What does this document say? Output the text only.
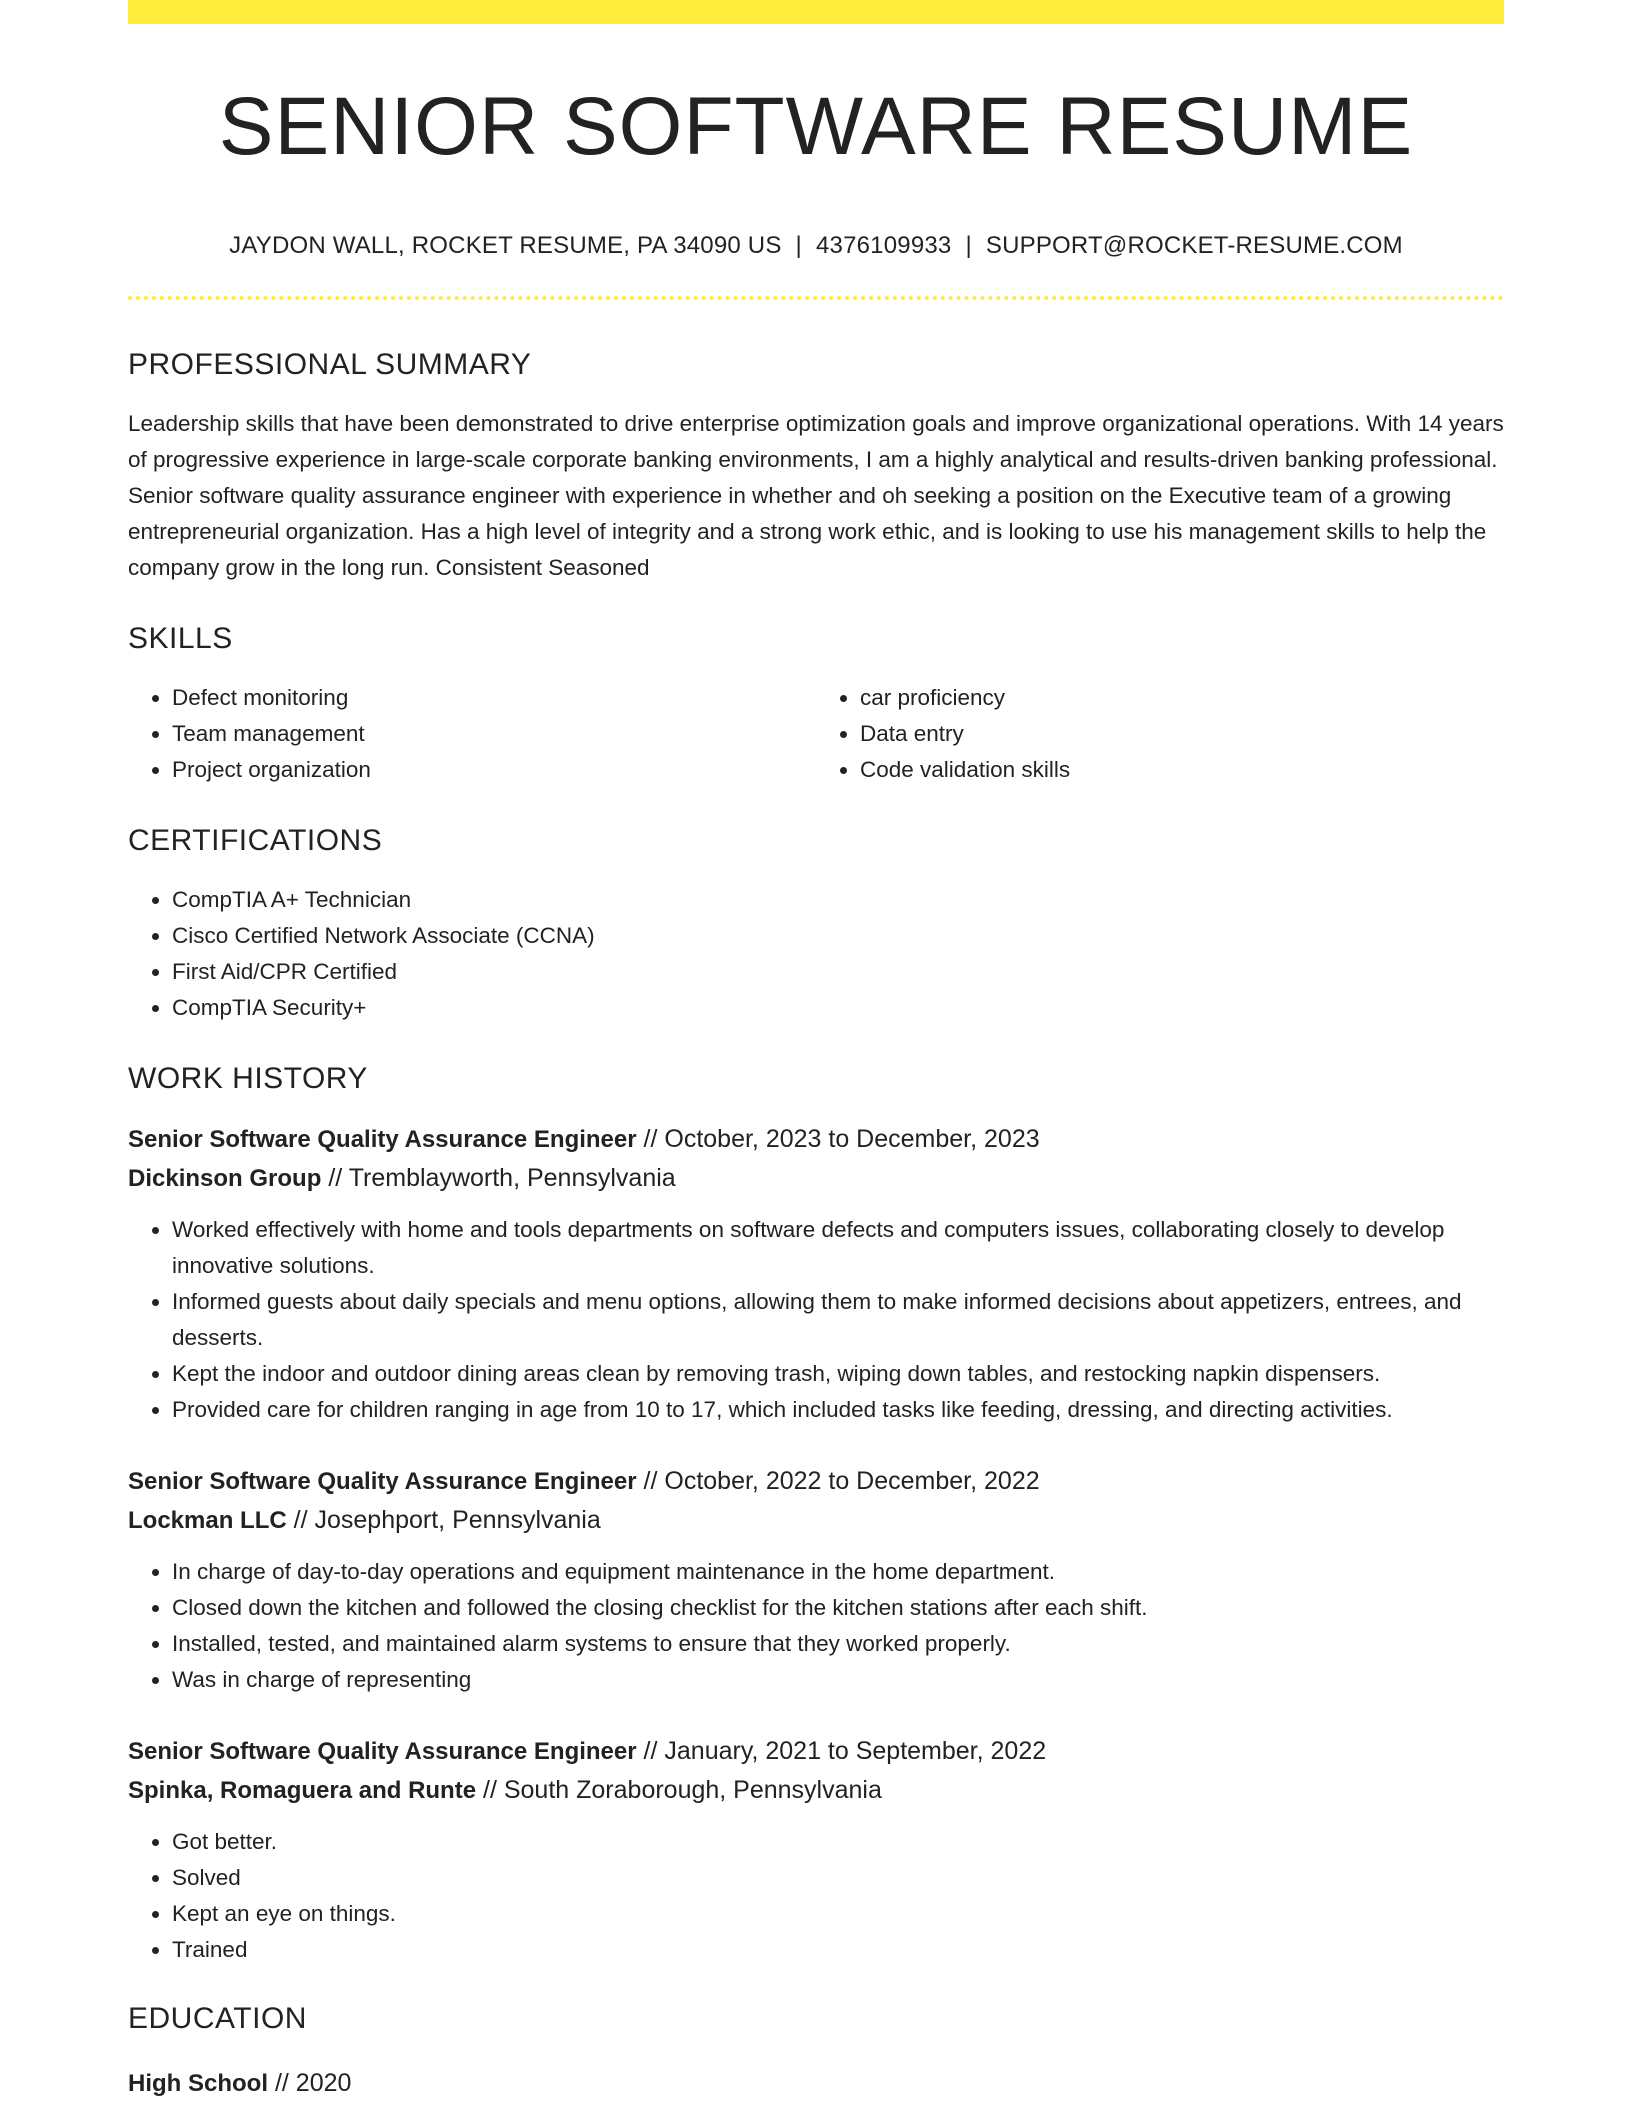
SENIOR SOFTWARE RESUME
JAYDON WALL, ROCKET RESUME, PA 34090 US | 4376109933 | SUPPORT@ROCKET-RESUME.COM
PROFESSIONAL SUMMARY

Leadership skills that have been demonstrated to drive enterprise optimization goals and improve organizational operations. With 14 years of progressive experience in large-scale corporate banking environments, I am a highly analytical and results-driven banking professional. Senior software quality assurance engineer with experience in whether and oh seeking a position on the Executive team of a growing entrepreneurial organization. Has a high level of integrity and a strong work ethic, and is looking to use his management skills to help the company grow in the long run. Consistent Seasoned

SKILLS
• Defect monitoring
• Team management
• Project organization
• car proficiency
• Data entry
• Code validation skills
CERTIFICATIONS
• CompTIA A+ Technician
• Cisco Certified Network Associate (CCNA)
• First Aid/CPR Certified
• CompTIA Security+
WORK HISTORY
Senior Software Quality Assurance Engineer // October, 2023 to December, 2023
Dickinson Group // Tremblayworth, Pennsylvania
• Worked effectively with home and tools departments on software defects and computers issues, collaborating closely to develop innovative solutions.
• Informed guests about daily specials and menu options, allowing them to make informed decisions about appetizers, entrees, and desserts.
• Kept the indoor and outdoor dining areas clean by removing trash, wiping down tables, and restocking napkin dispensers.
• Provided care for children ranging in age from 10 to 17, which included tasks like feeding, dressing, and directing activities.
Senior Software Quality Assurance Engineer // October, 2022 to December, 2022
Lockman LLC // Josephport, Pennsylvania
• In charge of day-to-day operations and equipment maintenance in the home department.
• Closed down the kitchen and followed the closing checklist for the kitchen stations after each shift.
• Installed, tested, and maintained alarm systems to ensure that they worked properly.
• Was in charge of representing
Senior Software Quality Assurance Engineer // January, 2021 to September, 2022
Spinka, Romaguera and Runte // South Zoraborough, Pennsylvania
• Got better.
• Solved
• Kept an eye on things.
• Trained
EDUCATION
High School // 2020
